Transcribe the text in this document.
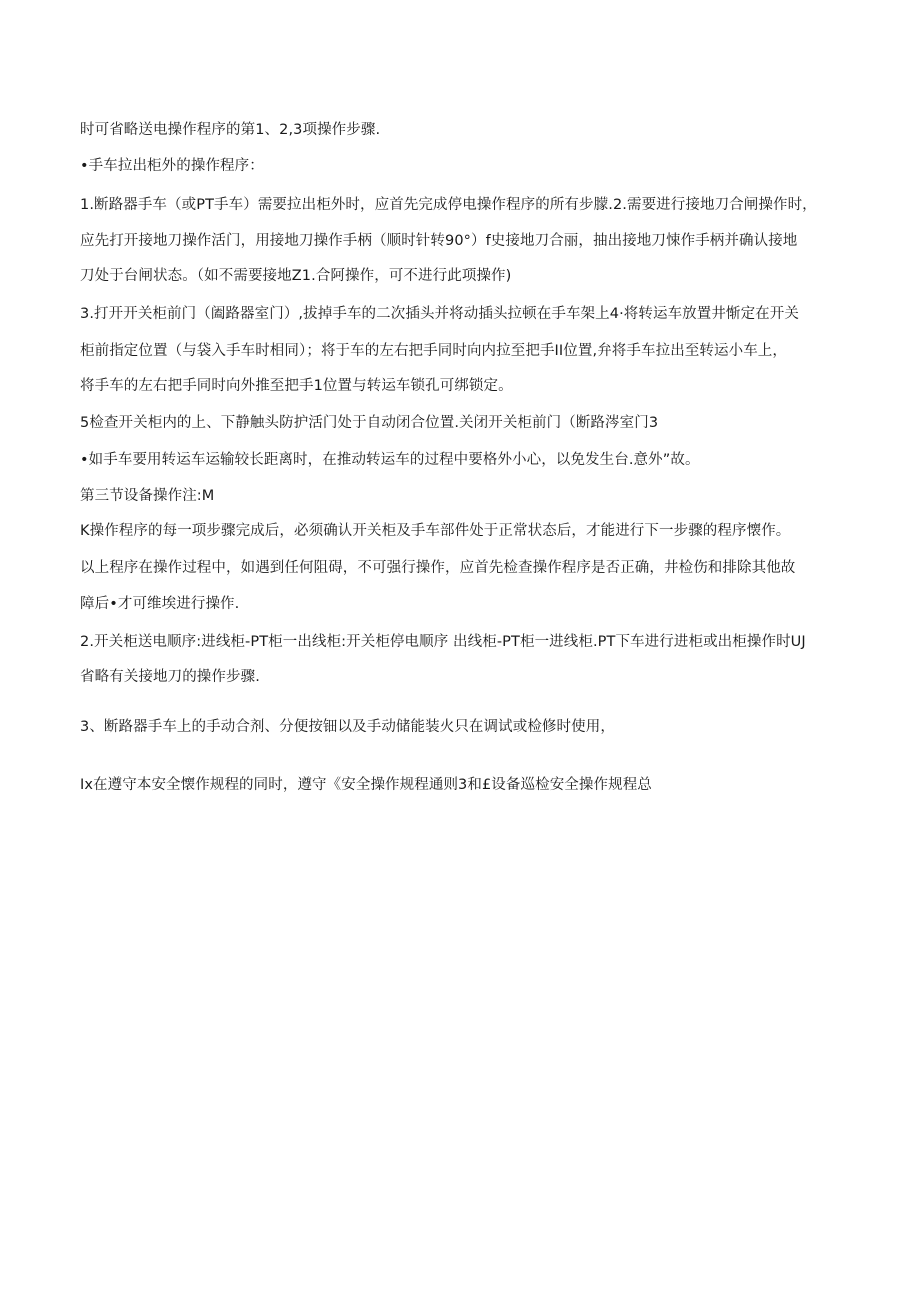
时可省略送电操作程序的第1、2,3项操作步骤.
•手车拉出柜外的操作程序：
1.断路器手车（或PT手车）需要拉出柜外时，应首先完成停电操作程序的所有步朦.2.需要进行接地刀合闸操作时，
应先打开接地刀操作活门，用接地刀操作手柄（顺时针转90°）f史接地刀合丽，抽出接地刀悚作手柄并确认接地
刀处于台闸状态。（如不需要接地Z1.合阿操作，可不进行此项操作)
3.打开开关柜前门（阖路器室门）,拔掉手车的二次插头并将动插头拉顿在手车架上4·将转运车放置井惭定在开关
柜前指定位置（与袋入手车时相同）；将于车的左右把手同时向内拉至把手II位置,弁将手车拉出至转运小车上，
将手车的左右把手同时向外推至把手1位置与转运车锁孔可绑锁定。
5检查开关柜内的上、下静触头防护活门处于自动闭合位置.关闭开关柜前门（断路涔室门3
•如手车要用转运车运输较长距离时，在推动转运车的过程中要格外小心，以免发生台.意外”故。
第三节设备操作注:M
K操作程序的每一项步骤完成后，必须确认开关柜及手车部件处于正常状态后，才能进行下一步骤的程序懐作。
以上程序在操作过程中，如遇到任何阻碍，不可强行操作，应首先检查操作程序是否正确，井检伤和排除其他故
障后•才可维埃进行操作.
2.开关柜送电顺序:进线柜-PT柜一出线柜:开关柜停电顺序 出线柜-PT柜一进线柜.PT下车进行进柜或出柜操作时UJ
省略有关接地刀的操作步骤.
3、断路器手车上的手动合剂、分便按钿以及手动储能装火只在调试或检修时使用，
Ix在遵守本安全懐作规程的同时，遵守《安全操作规程通则3和£设备巡检安全操作规程总
